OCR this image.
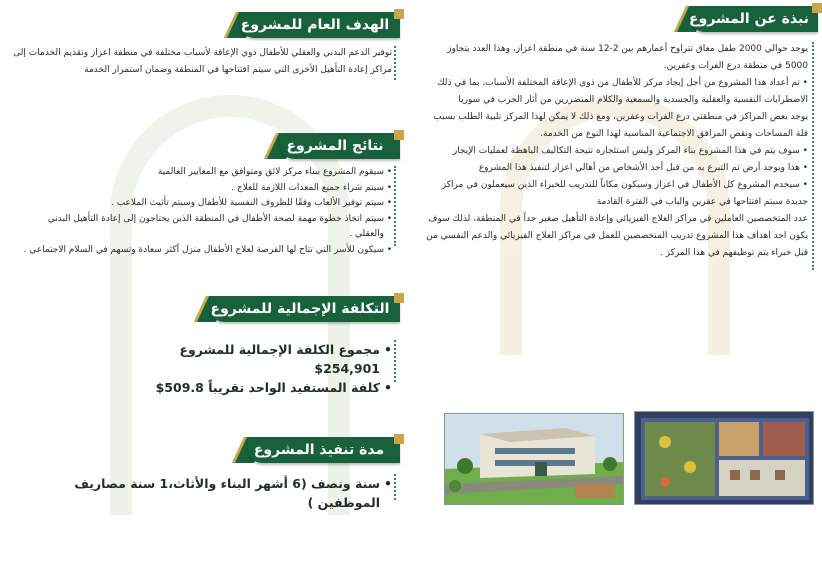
نبذة عن المشروع

يوجد حوالي 2000 طفل معاق تتراوح أعمارهم بين 2-12 سنة في منطقة اعزاز، وهذا العدد يتجاوز 5000 في منطقة درع الفرات وعفرين.

• تم أعداد هذا المشروع من أجل إيجاد مركز للأطفال من ذوي الإعاقة المختلفة الأسباب، بما في ذلك الاضطرابات النفسية والعقلية والجسدية والسمعية والكلام المتضررين من أثار الحرب في سوريا

يوجد بعض المراكز في منطقتي درع الفرات وعفرين، ومع ذلك لا يمكن لهذا المركز تلبية الطلب بسبب قلة المساحات ونقص المرافق الاجتماعية المناسبة لهذا النوع من الخدمة.

• سوف يتم في هذا المشروع بناء المركز وليس استئجاره نتيجة التكاليف الباهظة لعمليات الإيجار

• هذا ويوجد أرض تم التبرع به من قبل أحد الأشخاص من أهالي اعزاز لتنفيذ هذا المشروع

• سيخدم المشروع كل الأطفال في اعزاز وسيكون مكاناً للتدريب للخبراء الذين سيعملون في مراكز جديدة سيتم افتتاحها في عفرين والباب في الفترة القادمة

عدد المتخصصين العاملين في مراكز العلاج الفيزيائي وإعادة التأهيل صغير جداً في المنطقة، لذلك سوف يكون احد اهداف هذا المشروع تدريب المتخصصين للعمل في مراكز العلاج الفيزيائي والدعم النفسي من قبل خبراء يتم توظيفهم في هذا المركز .

الهدف العام للمشروع

توفير الدعم البدني والعقلي للأطفال ذوي الإعاقة لأسباب مختلفة في منطقة اعزاز وتقديم الخدمات إلى مراكز إعادة التأهيل الأخرى التي سيتم افتتاحها في المنطقة وضمان استمرار الخدمة

نتائج المشروع
• سيقوم المشروع ببناء مركز لائق ومتوافق مع المعايير العالمية
• سيتم شراء جميع المعدات اللازمة للعلاج .
• سيتم توفير الألعاب وفقًا للظروف النفسية للأطفال وسيتم تأثيث الملاعب .
• سيتم اتخاذ خطوة مهمة لصحة الأطفال في المنطقة الذين يحتاجون إلى إعادة التأهيل البدني والعقلي .
• سيكون للأسر التي تتاح لها الفرصة لعلاج الأطفال منزل أكثر سعادة وتسهم في السلام الاجتماعي .
التكلفة الإجمالية للمشروع
• مجموع الكلفة الإجمالية للمشروع 254,901$
• كلفة المستفيد الواحد تقريباً 509.8$
مدة تنفيذ المشروع
• سنة ونصف (6 أشهر البناء والأثاث،1 سنة مصاريف الموظفين )
